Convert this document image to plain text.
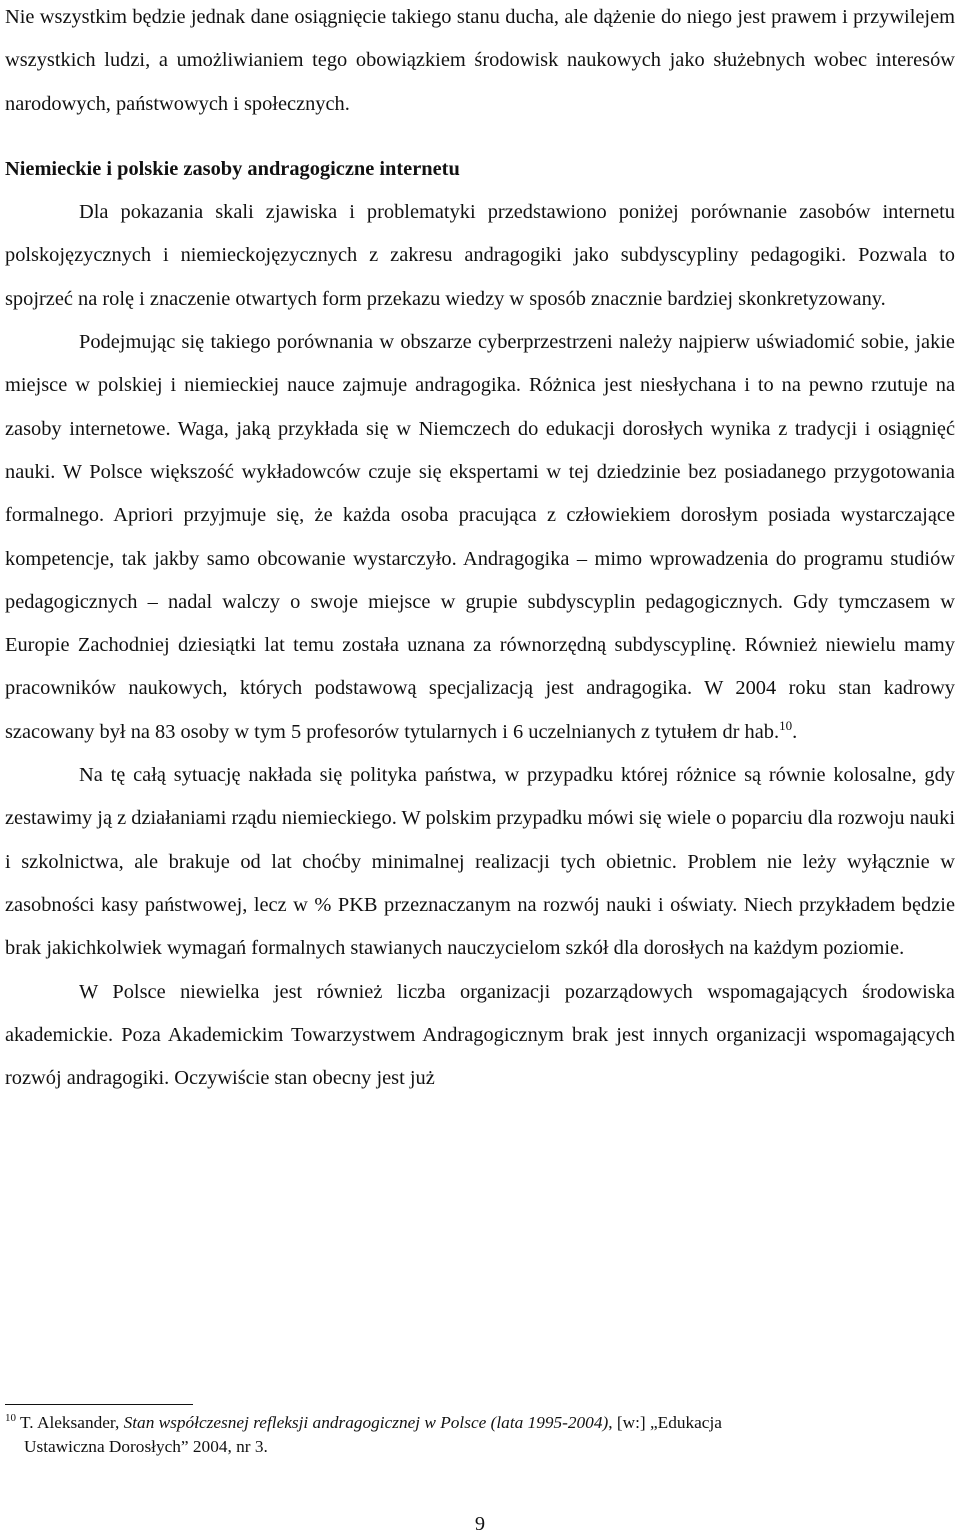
Nie wszystkim będzie jednak dane osiągnięcie takiego stanu ducha, ale dążenie do niego jest prawem i przywilejem wszystkich ludzi, a umożliwianiem tego obowiązkiem środowisk naukowych jako służebnych wobec interesów narodowych, państwowych i społecznych.

Niemieckie i polskie zasoby andragogiczne internetu

Dla pokazania skali zjawiska i problematyki przedstawiono poniżej porównanie zasobów internetu polskojęzycznych i niemieckojęzycznych z zakresu andragogiki jako subdyscypliny pedagogiki. Pozwala to spojrzeć na rolę i znaczenie otwartych form przekazu wiedzy w sposób znacznie bardziej skonkretyzowany.

Podejmując się takiego porównania w obszarze cyberprzestrzeni należy najpierw uświadomić sobie, jakie miejsce w polskiej i niemieckiej nauce zajmuje andragogika. Różnica jest niesłychana i to na pewno rzutuje na zasoby internetowe. Waga, jaką przykłada się w Niemczech do edukacji dorosłych wynika z tradycji i osiągnięć nauki. W Polsce większość wykładowców czuje się ekspertami w tej dziedzinie bez posiadanego przygotowania formalnego. Apriori przyjmuje się, że każda osoba pracująca z człowiekiem dorosłym posiada wystarczające kompetencje, tak jakby samo obcowanie wystarczyło. Andragogika – mimo wprowadzenia do programu studiów pedagogicznych – nadal walczy o swoje miejsce w grupie subdyscyplin pedagogicznych. Gdy tymczasem w Europie Zachodniej dziesiątki lat temu została uznana za równorzędną subdyscyplinę. Również niewielu mamy pracowników naukowych, których podstawową specjalizacją jest andragogika. W 2004 roku stan kadrowy szacowany był na 83 osoby w tym 5 profesorów tytularnych i 6 uczelnianych z tytułem dr hab.$^{10}$.

Na tę całą sytuację nakłada się polityka państwa, w przypadku której różnice są równie kolosalne, gdy zestawimy ją z działaniami rządu niemieckiego. W polskim przypadku mówi się wiele o poparciu dla rozwoju nauki i szkolnictwa, ale brakuje od lat choćby minimalnej realizacji tych obietnic. Problem nie leży wyłącznie w zasobności kasy państwowej, lecz w % PKB przeznaczanym na rozwój nauki i oświaty. Niech przykładem będzie brak jakichkolwiek wymagań formalnych stawianych nauczycielom szkół dla dorosłych na każdym poziomie.

W Polsce niewielka jest również liczba organizacji pozarządowych wspomagających środowiska akademickie. Poza Akademickim Towarzystwem Andragogicznym brak jest innych organizacji wspomagających rozwój andragogiki. Oczywiście stan obecny jest już

$^{10}$ T. Aleksander, Stan współczesnej refleksji andragogicznej w Polsce (lata 1995-2004), [w:] „Edukacja
Ustawiczna Dorosłych” 2004, nr 3.
9
